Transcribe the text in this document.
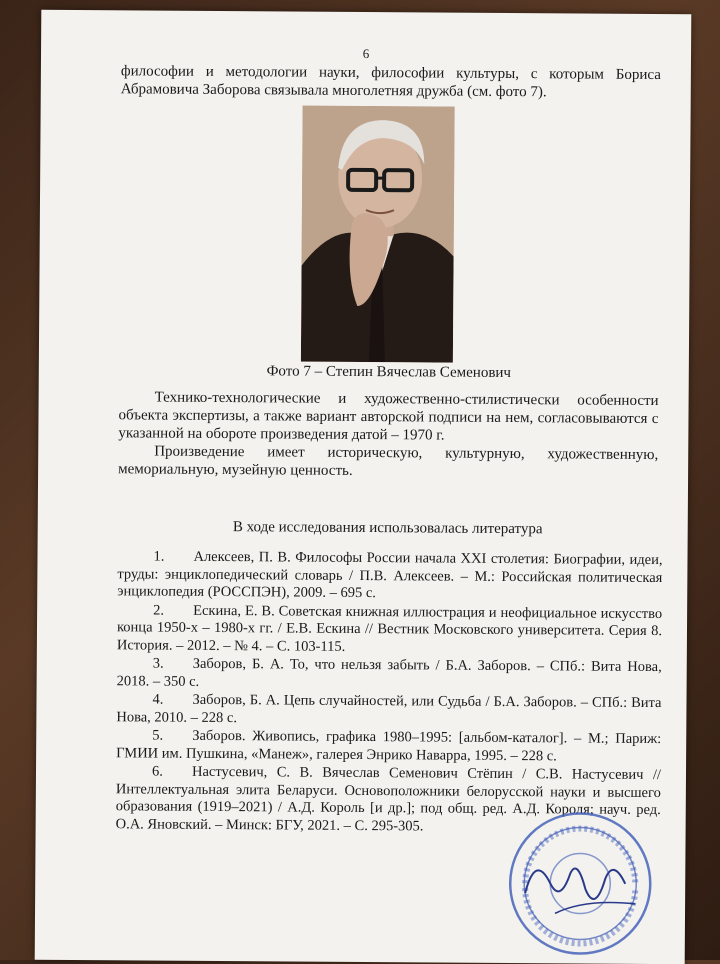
6

философии и методологии науки, философии культуры, с которым Бориса Абрамовича Заборова связывала многолетняя дружба (см. фото 7).

Фото 7 – Степин Вячеслав Семенович

Технико-технологические и художественно-стилистически особенности объекта экспертизы, а также вариант авторской подписи на нем, согласовываются с указанной на обороте произведения датой – 1970 г.

Произведение имеет историческую, культурную, художественную, мемориальную, музейную ценность.

В ходе исследования использовалась литература

1. Алексеев, П. В. Философы России начала XXI столетия: Биографии, идеи, труды: энциклопедический словарь / П.В. Алексеев. – М.: Российская политическая энциклопедия (РОССПЭН), 2009. – 695 с.

2. Ескина, Е. В. Советская книжная иллюстрация и неофициальное искусство конца 1950-х – 1980-х гг. / Е.В. Ескина // Вестник Московского университета. Серия 8. История. – 2012. – № 4. – С. 103-115.

3. Заборов, Б. А. То, что нельзя забыть / Б.А. Заборов. – СПб.: Вита Нова, 2018. – 350 с.

4. Заборов, Б. А. Цепь случайностей, или Судьба / Б.А. Заборов. – СПб.: Вита Нова, 2010. – 228 с.

5. Заборов. Живопись, графика 1980–1995: [альбом-каталог]. – М.; Париж: ГМИИ им. Пушкина, «Манеж», галерея Энрико Наварра, 1995. – 228 с.

6. Настусевич, С. В. Вячеслав Семенович Стёпин / С.В. Настусевич // Интеллектуальная элита Беларуси. Основоположники белорусской науки и высшего образования (1919–2021) / А.Д. Король [и др.]; под общ. ред. А.Д. Короля; науч. ред. О.А. Яновский. – Минск: БГУ, 2021. – С. 295-305.
